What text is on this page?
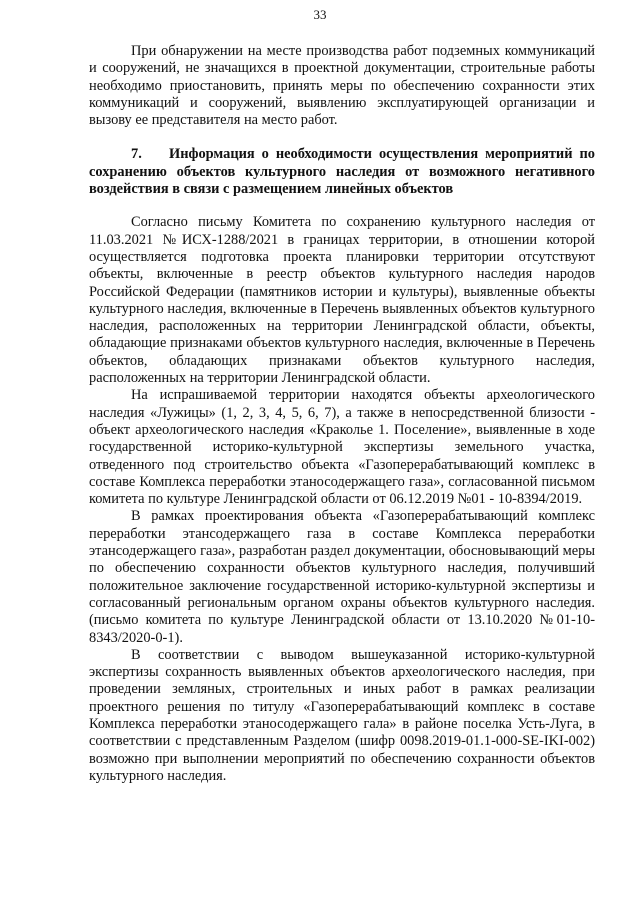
33

При обнаружении на месте производства работ подземных коммуникаций и сооружений, не значащихся в проектной документации, строительные работы необходимо приостановить, принять меры по обеспечению сохранности этих коммуникаций и сооружений, выявлению эксплуатирующей организации и вызову ее представителя на место работ.

7. Информация о необходимости осуществления мероприятий по сохранению объектов культурного наследия от возможного негативного воздействия в связи с размещением линейных объектов

Согласно письму Комитета по сохранению культурного наследия от 11.03.2021 №ИСХ-1288/2021 в границах территории, в отношении которой осуществляется подготовка проекта планировки территории отсутствуют объекты, включенные в реестр объектов культурного наследия народов Российской Федерации (памятников истории и культуры), выявленные объекты культурного наследия, включенные в Перечень выявленных объектов культурного наследия, расположенных на территории Ленинградской области, объекты, обладающие признаками объектов культурного наследия, включенные в Перечень объектов, обладающих признаками объектов культурного наследия, расположенных на территории Ленинградской области.

На испрашиваемой территории находятся объекты археологического наследия «Лужицы» (1, 2, 3, 4, 5, 6, 7), а также в непосредственной близости - объект археологического наследия «Краколье 1. Поселение», выявленные в ходе государственной историко-культурной экспертизы земельного участка, отведенного под строительство объекта «Газоперерабатывающий комплекс в составе Комплекса переработки этаносодержащего газа», согласованной письмом комитета по культуре Ленинградской области от 06.12.2019 №01 - 10-8394/2019.

В рамках проектирования объекта «Газоперерабатывающий комплекс переработки этансодержащего газа в составе Комплекса переработки этансодержащего газа», разработан раздел документации, обосновывающий меры по обеспечению сохранности объектов культурного наследия, получивший положительное заключение государственной историко-культурной экспертизы и согласованный региональным органом охраны объектов культурного наследия. (письмо комитета по культуре Ленинградской области от 13.10.2020 №01-10-8343/2020-0-1).

В соответствии с выводом вышеуказанной историко-культурной экспертизы сохранность выявленных объектов археологического наследия, при проведении земляных, строительных и иных работ в рамках реализации проектного решения по титулу «Газоперерабатывающий комплекс в составе Комплекса переработки этаносодержащего гала» в районе поселка Усть-Луга, в соответствии с представленным Разделом (шифр 0098.2019-01.1-000-SE-IKI-002) возможно при выполнении мероприятий по обеспечению сохранности объектов культурного наследия.
